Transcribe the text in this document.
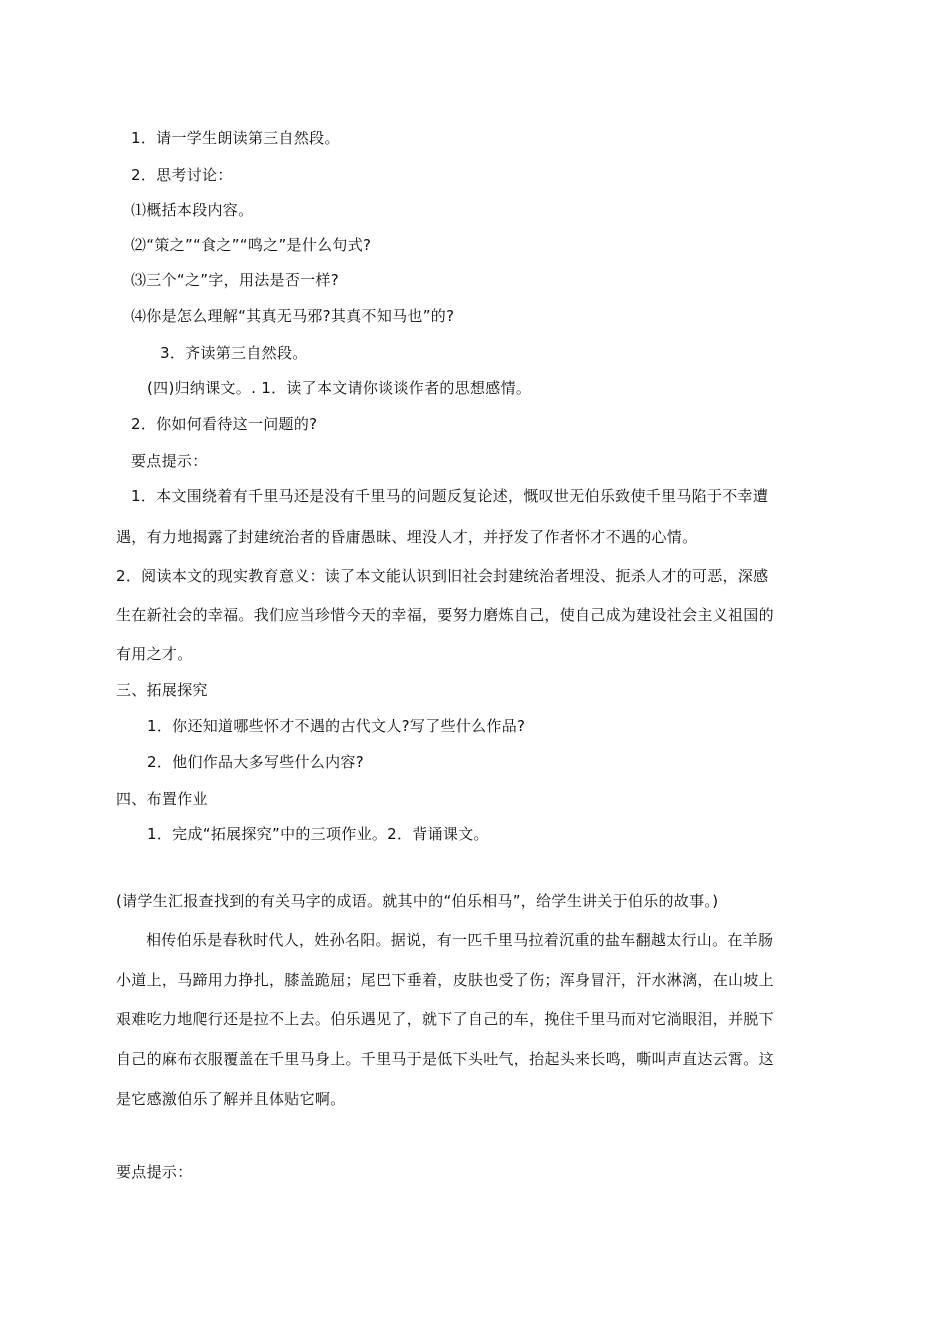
1．请一学生朗读第三自然段。
2．思考讨论：
⑴概括本段内容。
⑵“策之”“食之”“鸣之”是什么句式?
⑶三个“之”字，用法是否一样?
⑷你是怎么理解“其真无马邪?其真不知马也”的?
3．齐读第三自然段。
(四)归纳课文。. 1．读了本文请你谈谈作者的思想感情。
2．你如何看待这一问题的?
要点提示：
1．本文围绕着有千里马还是没有千里马的问题反复论述，慨叹世无伯乐致使千里马陷于不幸遭
遇，有力地揭露了封建统治者的昏庸愚昧、埋没人才，并抒发了作者怀才不遇的心情。
2．阅读本文的现实教育意义：读了本文能认识到旧社会封建统治者埋没、扼杀人才的可恶，深感
生在新社会的幸福。我们应当珍惜今天的幸福，要努力磨炼自己，使自己成为建设社会主义祖国的
有用之才。
三、拓展探究
1．你还知道哪些怀才不遇的古代文人?写了些什么作品?
2．他们作品大多写些什么内容?
四、布置作业
1．完成“拓展探究”中的三项作业。2．背诵课文。
(请学生汇报查找到的有关马字的成语。就其中的“伯乐相马”，给学生讲关于伯乐的故事。)
相传伯乐是春秋时代人，姓孙名阳。据说，有一匹千里马拉着沉重的盐车翻越太行山。在羊肠
小道上，马蹄用力挣扎，膝盖跪屈；尾巴下垂着，皮肤也受了伤；浑身冒汗，汗水淋漓，在山坡上
艰难吃力地爬行还是拉不上去。伯乐遇见了，就下了自己的车，挽住千里马而对它淌眼泪，并脱下
自己的麻布衣服覆盖在千里马身上。千里马于是低下头吐气，抬起头来长鸣，嘶叫声直达云霄。这
是它感激伯乐了解并且体贴它啊。
要点提示：
